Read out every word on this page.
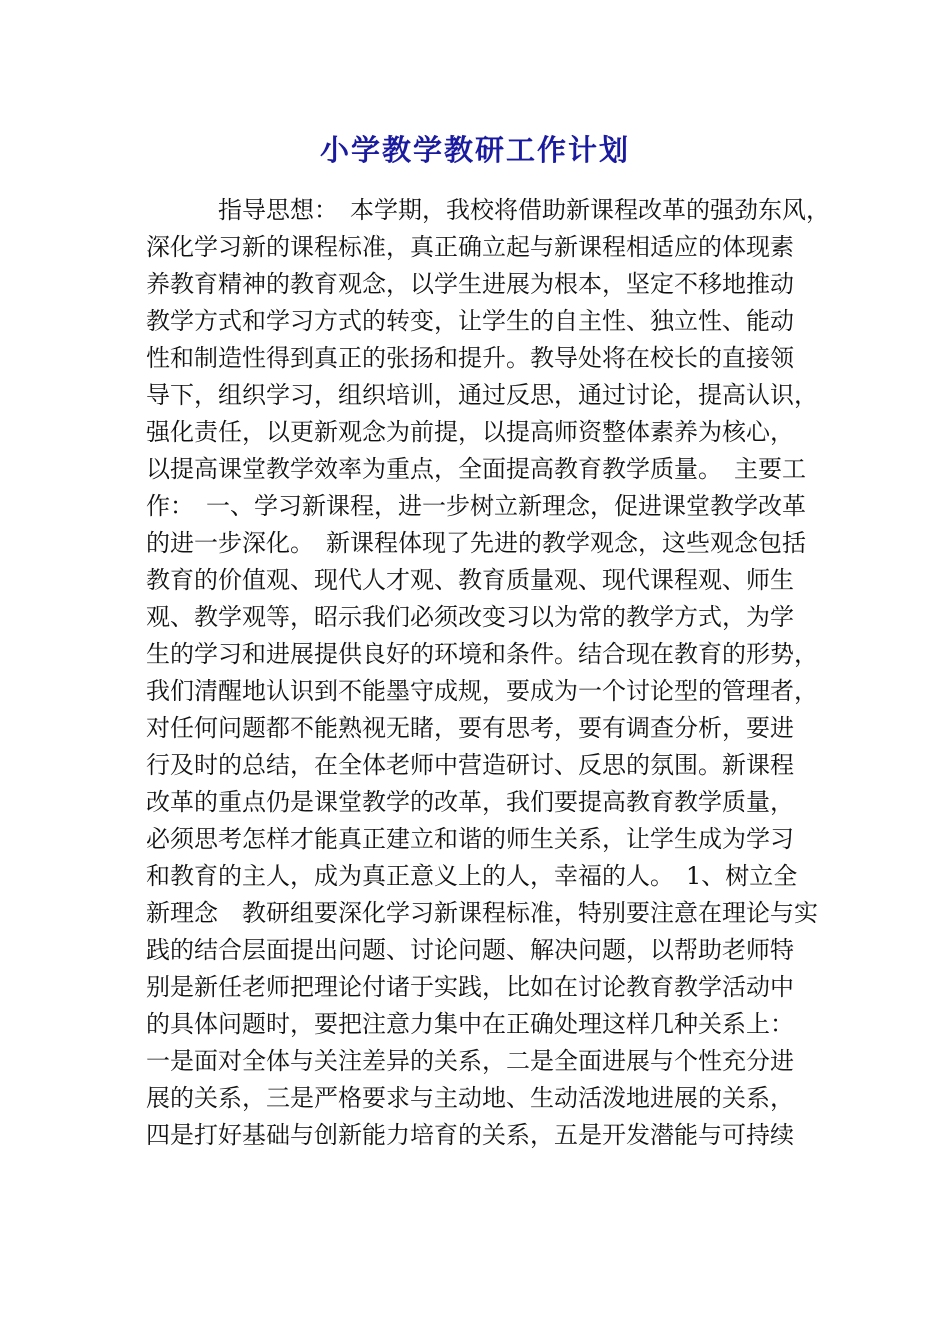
小学教学教研工作计划
　　　指导思想：　本学期，我校将借助新课程改革的强劲东风，
深化学习新的课程标准，真正确立起与新课程相适应的体现素
养教育精神的教育观念，以学生进展为根本，坚定不移地推动
教学方式和学习方式的转变，让学生的自主性、独立性、能动
性和制造性得到真正的张扬和提升。教导处将在校长的直接领
导下，组织学习，组织培训，通过反思，通过讨论，提高认识，
强化责任，以更新观念为前提，以提高师资整体素养为核心，
以提高课堂教学效率为重点，全面提高教育教学质量。　主要工
作：　一、学习新课程，进一步树立新理念，促进课堂教学改革
的进一步深化。　新课程体现了先进的教学观念，这些观念包括
教育的价值观、现代人才观、教育质量观、现代课程观、师生
观、教学观等，昭示我们必须改变习以为常的教学方式，为学
生的学习和进展提供良好的环境和条件。结合现在教育的形势，
我们清醒地认识到不能墨守成规，要成为一个讨论型的管理者，
对任何问题都不能熟视无睹，要有思考，要有调查分析，要进
行及时的总结，在全体老师中营造研讨、反思的氛围。新课程
改革的重点仍是课堂教学的改革，我们要提高教育教学质量，
必须思考怎样才能真正建立和谐的师生关系，让学生成为学习
和教育的主人，成为真正意义上的人，幸福的人。　1、树立全
新理念　教研组要深化学习新课程标准，特别要注意在理论与实
践的结合层面提出问题、讨论问题、解决问题，以帮助老师特
别是新任老师把理论付诸于实践，比如在讨论教育教学活动中
的具体问题时，要把注意力集中在正确处理这样几种关系上：
一是面对全体与关注差异的关系，二是全面进展与个性充分进
展的关系，三是严格要求与主动地、生动活泼地进展的关系，
四是打好基础与创新能力培育的关系，五是开发潜能与可持续
